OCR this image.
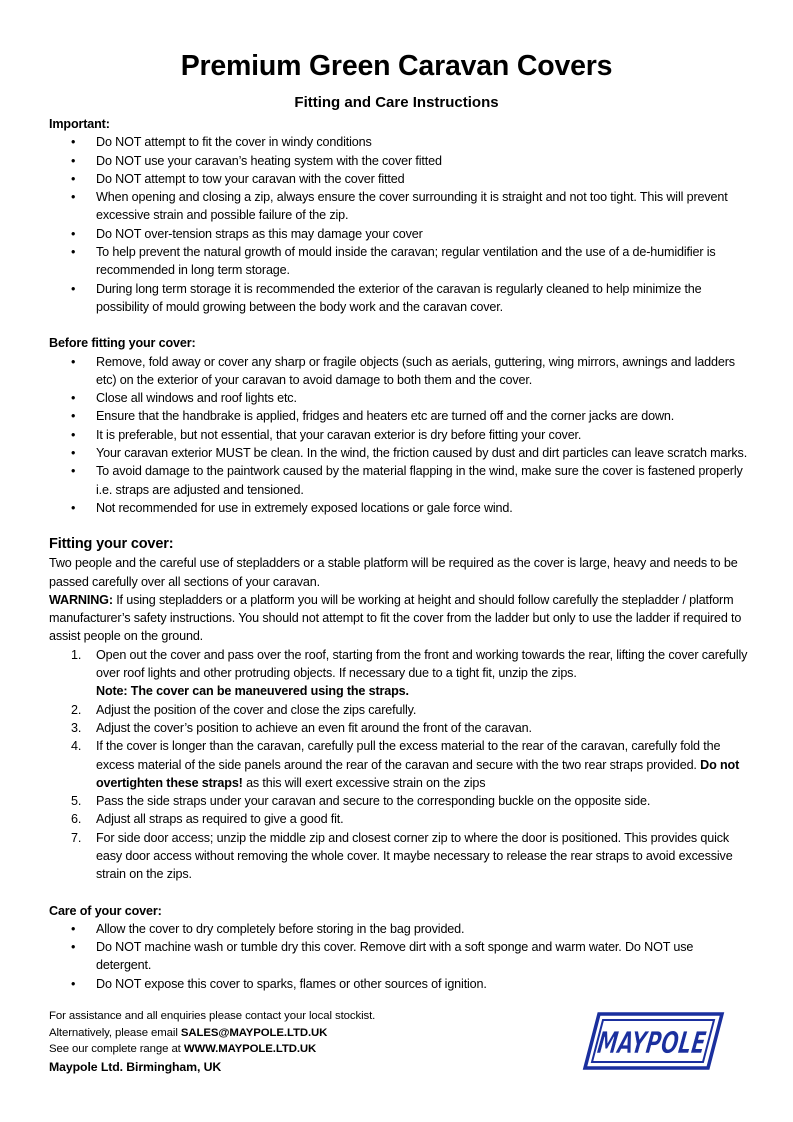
Premium Green Caravan Covers

Fitting and Care Instructions

Important:

• Do NOT attempt to fit the cover in windy conditions
• Do NOT use your caravan’s heating system with the cover fitted
• Do NOT attempt to tow your caravan with the cover fitted
• When opening and closing a zip, always ensure the cover surrounding it is straight and not too tight. This will prevent excessive strain and possible failure of the zip.
• Do NOT over-tension straps as this may damage your cover
• To help prevent the natural growth of mould inside the caravan; regular ventilation and the use of a de-humidifier is recommended in long term storage.
• During long term storage it is recommended the exterior of the caravan is regularly cleaned to help minimize the possibility of mould growing between the body work and the caravan cover.

Before fitting your cover:

• Remove, fold away or cover any sharp or fragile objects (such as aerials, guttering, wing mirrors, awnings and ladders etc) on the exterior of your caravan to avoid damage to both them and the cover.
• Close all windows and roof lights etc.
• Ensure that the handbrake is applied, fridges and heaters etc are turned off and the corner jacks are down.
• It is preferable, but not essential, that your caravan exterior is dry before fitting your cover.
• Your caravan exterior MUST be clean. In the wind, the friction caused by dust and dirt particles can leave scratch marks.
• To avoid damage to the paintwork caused by the material flapping in the wind, make sure the cover is fastened properly i.e. straps are adjusted and tensioned.
• Not recommended for use in extremely exposed locations or gale force wind.

Fitting your cover:

Two people and the careful use of stepladders or a stable platform will be required as the cover is large, heavy and needs to be passed carefully over all sections of your caravan.

WARNING: If using stepladders or a platform you will be working at height and should follow carefully the stepladder / platform manufacturer’s safety instructions. You should not attempt to fit the cover from the ladder but only to use the ladder if required to assist people on the ground.

1. Open out the cover and pass over the roof, starting from the front and working towards the rear, lifting the cover carefully over roof lights and other protruding objects. If necessary due to a tight fit, unzip the zips.
Note: The cover can be maneuvered using the straps.
2. Adjust the position of the cover and close the zips carefully.
3. Adjust the cover’s position to achieve an even fit around the front of the caravan.
4. If the cover is longer than the caravan, carefully pull the excess material to the rear of the caravan, carefully fold the excess material of the side panels around the rear of the caravan and secure with the two rear straps provided. Do not overtighten these straps! as this will exert excessive strain on the zips
5. Pass the side straps under your caravan and secure to the corresponding buckle on the opposite side.
6. Adjust all straps as required to give a good fit.
7. For side door access; unzip the middle zip and closest corner zip to where the door is positioned. This provides quick easy door access without removing the whole cover. It maybe necessary to release the rear straps to avoid excessive strain on the zips.

Care of your cover:

• Allow the cover to dry completely before storing in the bag provided.
• Do NOT machine wash or tumble dry this cover. Remove dirt with a soft sponge and warm water. Do NOT use detergent.
• Do NOT expose this cover to sparks, flames or other sources of ignition.
For assistance and all enquiries please contact your local stockist.
Alternatively, please email SALES@MAYPOLE.LTD.UK
See our complete range at WWW.MAYPOLE.LTD.UK
Maypole Ltd. Birmingham, UK
MAYPOLE
